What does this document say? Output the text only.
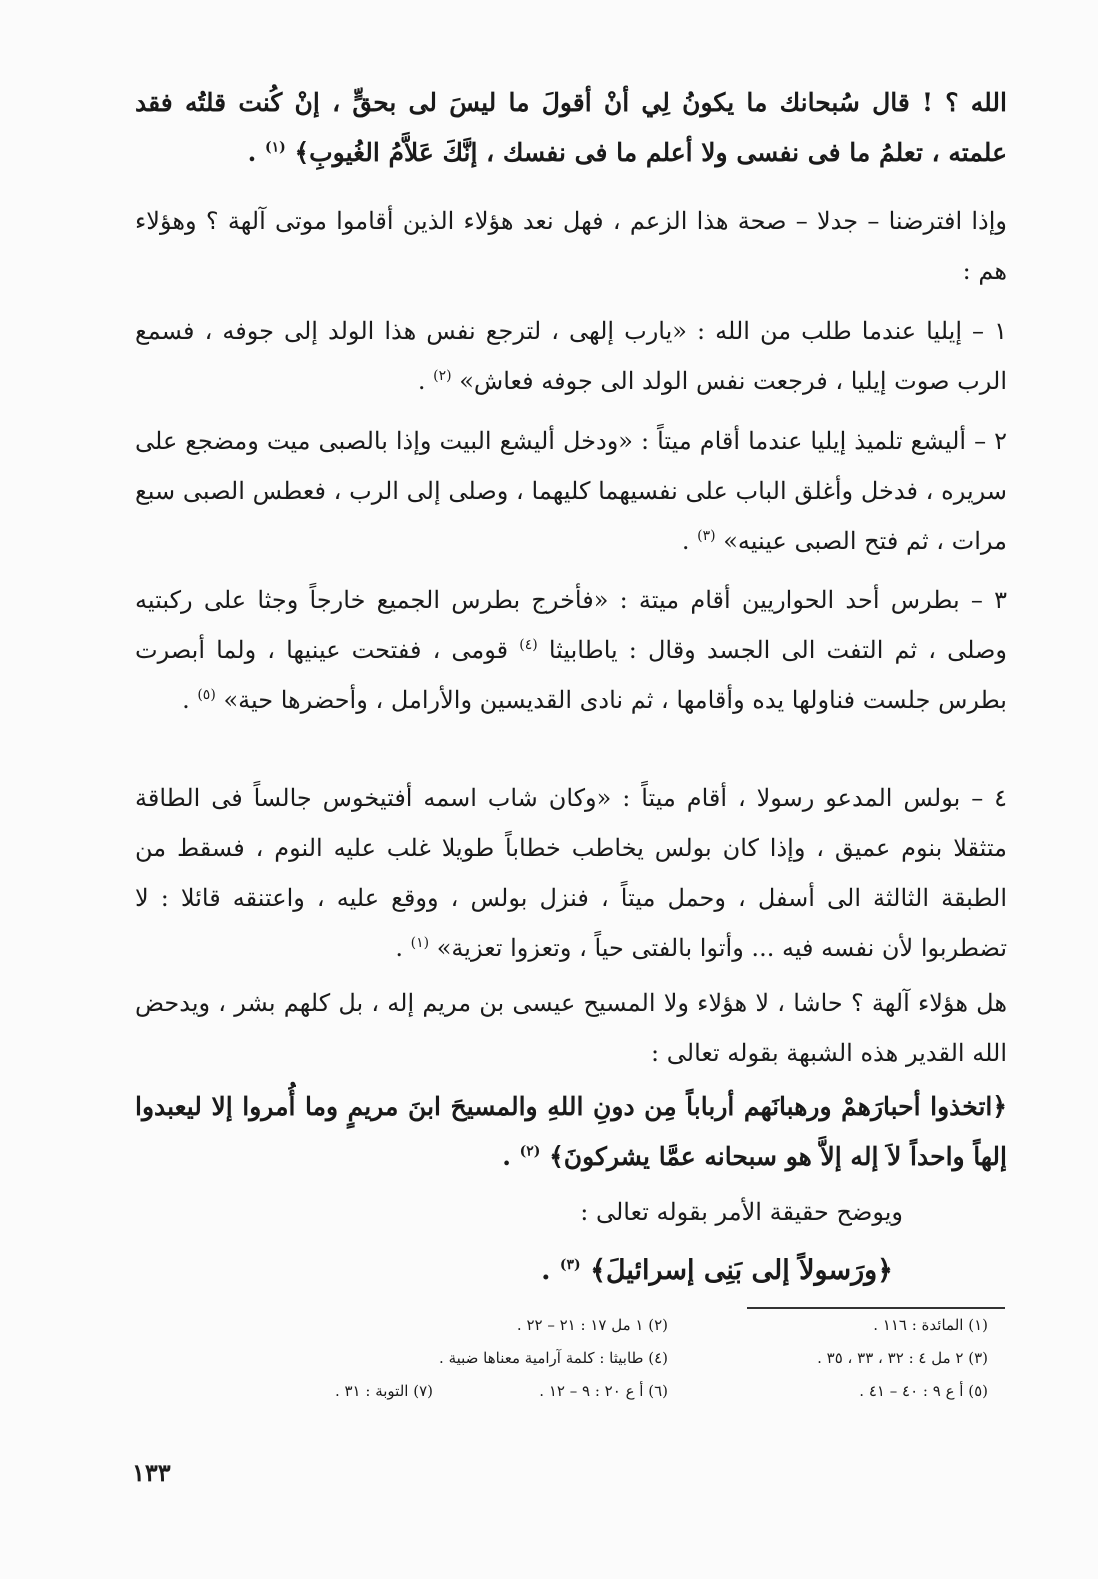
الله ؟ ! قال سُبحانك ما يكونُ لِي أنْ أقولَ ما ليسَ لى بحقٍّ ، إنْ كُنت قلتُه فقد علمته ، تعلمُ ما فى نفسى ولا أعلم ما فى نفسك ، إنَّكَ عَلاَّمُ الغُيوبِ﴾ $^{(١)}$ .
وإذا افترضنا – جدلا – صحة هذا الزعم ، فهل نعد هؤلاء الذين أقاموا موتى آلهة ؟ وهؤلاء هم :
١ – إيليا عندما طلب من الله : «يارب إلهى ، لترجع نفس هذا الولد إلى جوفه ، فسمع الرب صوت إيليا ، فرجعت نفس الولد الى جوفه فعاش» $^{(٢)}$ .
٢ – أليشع تلميذ إيليا عندما أقام ميتاً : «ودخل أليشع البيت وإذا بالصبى ميت ومضجع على سريره ، فدخل وأغلق الباب على نفسيهما كليهما ، وصلى إلى الرب ، فعطس الصبى سبع مرات ، ثم فتح الصبى عينيه» $^{(٣)}$ .
٣ – بطرس أحد الحواريين أقام ميتة : «فأخرج بطرس الجميع خارجاً وجثا على ركبتيه وصلى ، ثم التفت الى الجسد وقال : ياطابيثا $^{(٤)}$ قومى ، ففتحت عينيها ، ولما أبصرت بطرس جلست فناولها يده وأقامها ، ثم نادى القديسين والأرامل ، وأحضرها حية» $^{(٥)}$ .
٤ – بولس المدعو رسولا ، أقام ميتاً : «وكان شاب اسمه أفتيخوس جالساً فى الطاقة متثقلا بنوم عميق ، وإذا كان بولس يخاطب خطاباً طويلا غلب عليه النوم ، فسقط من الطبقة الثالثة الى أسفل ، وحمل ميتاً ، فنزل بولس ، ووقع عليه ، واعتنقه قائلا : لا تضطربوا لأن نفسه فيه ... وأتوا بالفتى حياً ، وتعزوا تعزية» $^{(١)}$ .
هل هؤلاء آلهة ؟ حاشا ، لا هؤلاء ولا المسيح عيسى بن مريم إله ، بل كلهم بشر ، ويدحض الله القدير هذه الشبهة بقوله تعالى :
﴿اتخذوا أحبارَهمْ ورهبانَهم أرباباً مِن دونِ اللهِ والمسيحَ ابنَ مريمٍ وما أُمروا إلا ليعبدوا إلهاً واحداً لاَ إله إلاَّ هو سبحانه عمَّا يشركونَ﴾ $^{(٢)}$ .
ويوضح حقيقة الأمر بقوله تعالى :
﴿ورَسولاً إلى بَنِى إسرائيلَ﴾ $^{(٣)}$ .
(١) المائدة : ١١٦ .
(٣) ٢ مل ٤ : ٣٢ ، ٣٣ ، ٣٥ .
(٥) أ ع ٩ : ٤٠ – ٤١ .
(٢) ١ مل ١٧ : ٢١ – ٢٢ .
(٤) طابيثا : كلمة آرامية معناها ضبية .
(٦) أ ع ٢٠ : ٩ – ١٢ .
(٧) التوبة : ٣١ .
١٣٣
